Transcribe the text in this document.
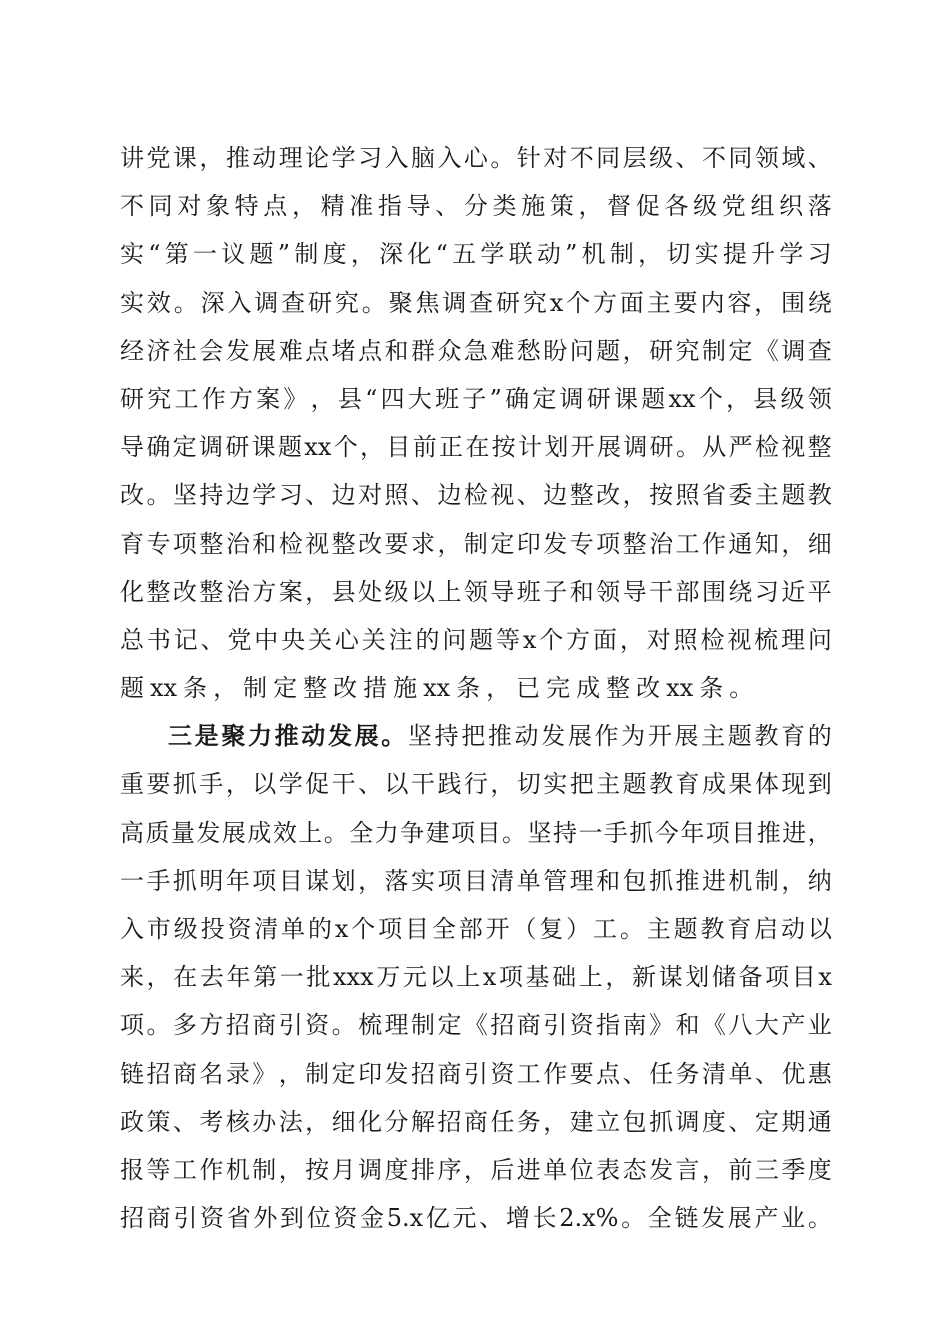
讲 党 课 ， 推 动 理 论 学 习 入 脑 入 心 。 针 对 不 同 层 级 、 不 同 领 域 、
不 同 对 象 特 点 ， 精 准 指 导 、 分 类 施 策 ， 督 促 各 级 党 组 织 落
实 “ 第 一 议 题 ” 制 度 ， 深 化 “ 五 学 联 动 ” 机 制 ， 切 实 提 升 学 习
实 效 。 深 入 调 查 研 究 。 聚 焦 调 查 研 究 x 个 方 面 主 要 内 容 ， 围 绕
经 济 社 会 发 展 难 点 堵 点 和 群 众 急 难 愁 盼 问 题 ， 研 究 制 定 《 调 查
研 究 工 作 方 案 》 ， 县 “ 四 大 班 子 ” 确 定 调 研 课 题 xx 个 ， 县 级 领
导 确 定 调 研 课 题 xx 个 ， 目 前 正 在 按 计 划 开 展 调 研 。 从 严 检 视 整
改 。 坚 持 边 学 习 、 边 对 照 、 边 检 视 、 边 整 改 ， 按 照 省 委 主 题 教
育 专 项 整 治 和 检 视 整 改 要 求 ， 制 定 印 发 专 项 整 治 工 作 通 知 ， 细
化 整 改 整 治 方 案 ， 县 处 级 以 上 领 导 班 子 和 领 导 干 部 围 绕 习 近 平
总 书 记 、 党 中 央 关 心 关 注 的 问 题 等 x 个 方 面 ， 对 照 检 视 梳 理 问
题 xx 条 ， 制 定 整 改 措 施 xx 条 ， 已 完 成 整 改 xx 条 。
三 是 聚 力 推 动 发 展 。 坚 持 把 推 动 发 展 作 为 开 展 主 题 教 育 的
重 要 抓 手 ， 以 学 促 干 、 以 干 践 行 ， 切 实 把 主 题 教 育 成 果 体 现 到
高 质 量 发 展 成 效 上 。 全 力 争 建 项 目 。 坚 持 一 手 抓 今 年 项 目 推 进 ，
一 手 抓 明 年 项 目 谋 划 ， 落 实 项 目 清 单 管 理 和 包 抓 推 进 机 制 ， 纳
入 市 级 投 资 清 单 的 x 个 项 目 全 部 开 （ 复 ） 工 。 主 题 教 育 启 动 以
来 ， 在 去 年 第 一 批 xxx 万 元 以 上 x 项 基 础 上 ， 新 谋 划 储 备 项 目 x
项 。 多 方 招 商 引 资 。 梳 理 制 定 《 招 商 引 资 指 南 》 和 《 八 大 产 业
链 招 商 名 录 》 ， 制 定 印 发 招 商 引 资 工 作 要 点 、 任 务 清 单 、 优 惠
政 策 、 考 核 办 法 ， 细 化 分 解 招 商 任 务 ， 建 立 包 抓 调 度 、 定 期 通
报 等 工 作 机 制 ， 按 月 调 度 排 序 ， 后 进 单 位 表 态 发 言 ， 前 三 季 度
招 商 引 资 省 外 到 位 资 金 5.x 亿 元 、 增 长 2.x% 。 全 链 发 展 产 业 。
